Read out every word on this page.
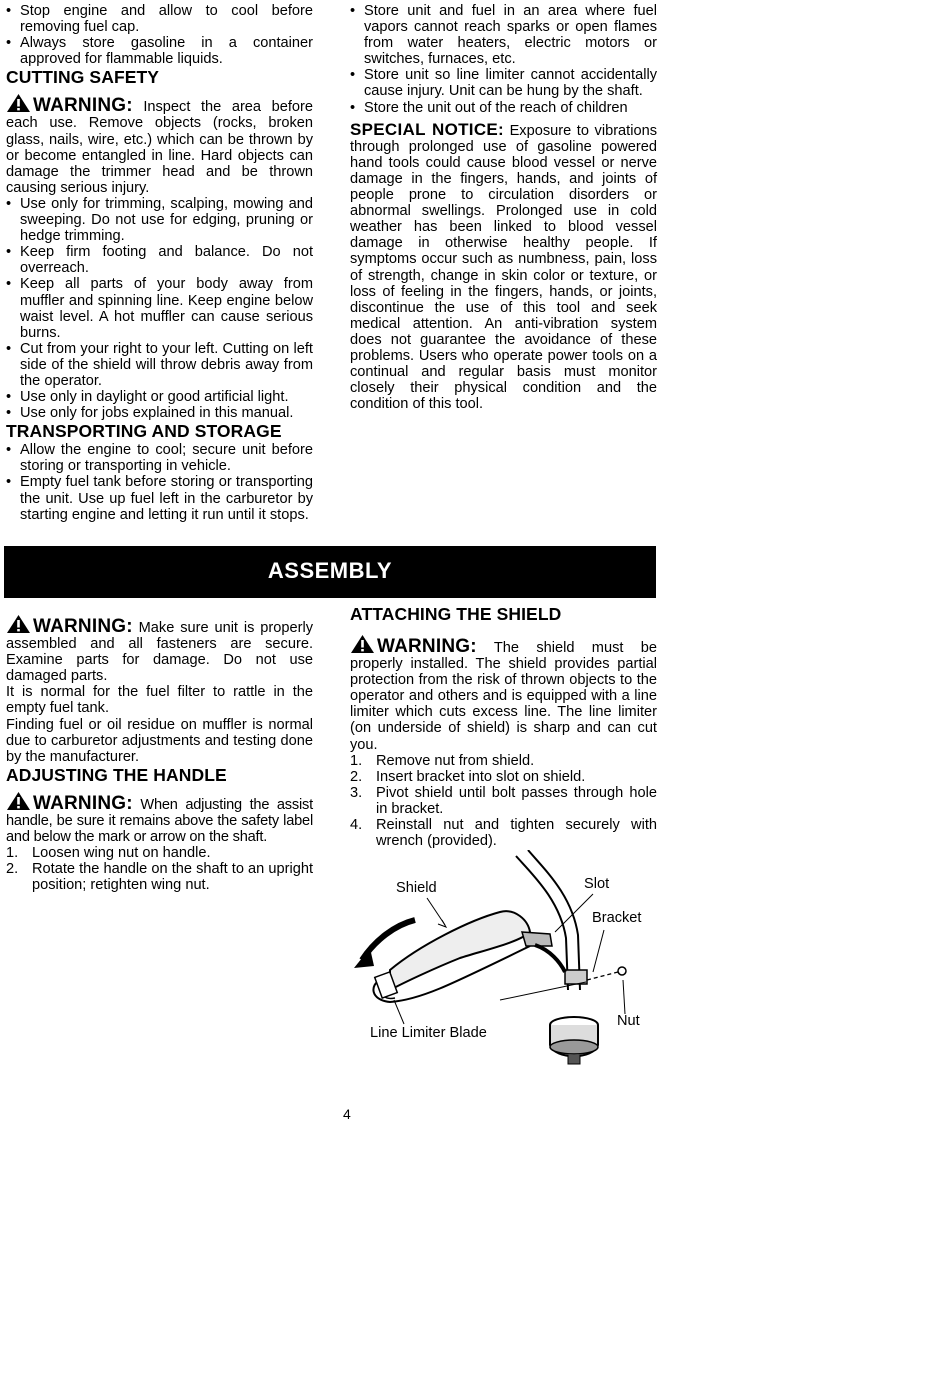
• Stop engine and allow to cool before removing fuel cap.
• Always store gasoline in a container approved for flammable liquids.
CUTTING SAFETY

WARNING: Inspect the area before each use. Remove objects (rocks, broken glass, nails, wire, etc.) which can be thrown by or become entangled in line. Hard objects can damage the trimmer head and be thrown causing serious injury.

• Use only for trimming, scalping, mowing and sweeping. Do not use for edging, pruning or hedge trimming.
• Keep firm footing and balance. Do not overreach.
• Keep all parts of your body away from muffler and spinning line. Keep engine below waist level. A hot muffler can cause serious burns.
• Cut from your right to your left. Cutting on left side of the shield will throw debris away from the operator.
• Use only in daylight or good artificial light.
• Use only for jobs explained in this manual.
TRANSPORTING AND STORAGE
• Allow the engine to cool; secure unit before storing or transporting in vehicle.
• Empty fuel tank before storing or transporting the unit. Use up fuel left in the carburetor by starting engine and letting it run until it stops.
• Store unit and fuel in an area where fuel vapors cannot reach sparks or open flames from water heaters, electric motors or switches, furnaces, etc.
• Store unit so line limiter cannot accidentally cause injury. Unit can be hung by the shaft.
• Store the unit out of the reach of children

SPECIAL NOTICE: Exposure to vibrations through prolonged use of gasoline powered hand tools could cause blood vessel or nerve damage in the fingers, hands, and joints of people prone to circulation disorders or abnormal swellings. Prolonged use in cold weather has been linked to blood vessel damage in otherwise healthy people. If symptoms occur such as numbness, pain, loss of strength, change in skin color or texture, or loss of feeling in the fingers, hands, or joints, discontinue the use of this tool and seek medical attention. An anti-vibration system does not guarantee the avoidance of these problems. Users who operate power tools on a continual and regular basis must monitor closely their physical condition and the condition of this tool.

ASSEMBLY

WARNING: Make sure unit is properly assembled and all fasteners are secure. Examine parts for damage. Do not use damaged parts.

It is normal for the fuel filter to rattle in the empty fuel tank.

Finding fuel or oil residue on muffler is normal due to carburetor adjustments and testing done by the manufacturer.

ADJUSTING THE HANDLE

WARNING: When adjusting the assist handle, be sure it remains above the safety label and below the mark or arrow on the shaft.

1. Loosen wing nut on handle.
2. Rotate the handle on the shaft to an upright position; retighten wing nut.
ATTACHING THE SHIELD

WARNING: The shield must be properly installed. The shield provides partial protection from the risk of thrown objects to the operator and others and is equipped with a line limiter which cuts excess line. The line limiter (on underside of shield) is sharp and can cut you.

1. Remove nut from shield.
2. Insert bracket into slot on shield.
3. Pivot shield until bolt passes through hole in bracket.
4. Reinstall nut and tighten securely with wrench (provided).
Shield	Slot
Bracket
Nut
Line Limiter Blade
4
